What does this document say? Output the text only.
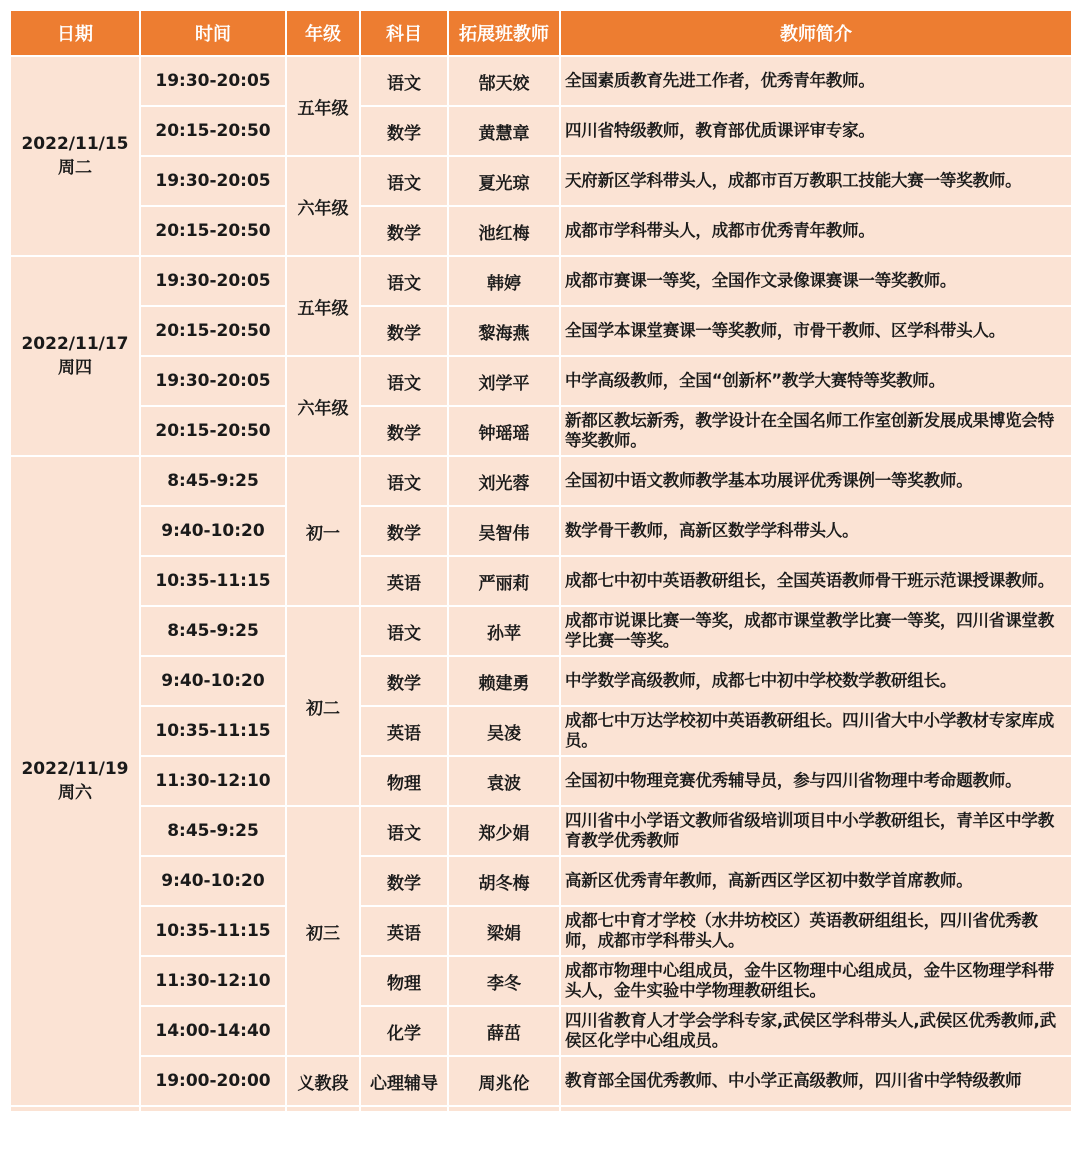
日期	时间	年级	科目	拓展班教师	教师简介

2022/11/15
周二	19:30-20:05	五年级	语文	郜天姣	全国素质教育先进工作者，优秀青年教师。
	20:15-20:50		数学	黄慧章	四川省特级教师，教育部优质课评审专家。
	19:30-20:05	六年级	语文	夏光琼	天府新区学科带头人，成都市百万教职工技能大赛一等奖教师。
	20:15-20:50		数学	池红梅	成都市学科带头人，成都市优秀青年教师。

2022/11/17
周四	19:30-20:05	五年级	语文	韩婷	成都市赛课一等奖，全国作文录像课赛课一等奖教师。
	20:15-20:50		数学	黎海燕	全国学本课堂赛课一等奖教师，市骨干教师、区学科带头人。
	19:30-20:05	六年级	语文	刘学平	中学高级教师，全国“创新杯”教学大赛特等奖教师。
	20:15-20:50		数学	钟瑶瑶	新都区教坛新秀，教学设计在全国名师工作室创新发展成果博览会特等奖教师。

2022/11/19
周六	8:45-9:25	初一	语文	刘光蓉	全国初中语文教师教学基本功展评优秀课例一等奖教师。
	9:40-10:20		数学	吴智伟	数学骨干教师，高新区数学学科带头人。
	10:35-11:15		英语	严丽莉	成都七中初中英语教研组长，全国英语教师骨干班示范课授课教师。
	8:45-9:25	初二	语文	孙苹	成都市说课比赛一等奖，成都市课堂教学比赛一等奖，四川省课堂教学比赛一等奖。
	9:40-10:20		数学	赖建勇	中学数学高级教师，成都七中初中学校数学教研组长。
	10:35-11:15		英语	吴凌	成都七中万达学校初中英语教研组长。四川省大中小学教材专家库成员。
	11:30-12:10		物理	袁波	全国初中物理竞赛优秀辅导员，参与四川省物理中考命题教师。
	8:45-9:25	初三	语文	郑少娟	四川省中小学语文教师省级培训项目中小学教研组长，青羊区中学教育教学优秀教师
	9:40-10:20		数学	胡冬梅	高新区优秀青年教师，高新西区学区初中数学首席教师。
	10:35-11:15		英语	梁娟	成都七中育才学校（水井坊校区）英语教研组组长，四川省优秀教师，成都市学科带头人。
	11:30-12:10		物理	李冬	成都市物理中心组成员，金牛区物理中心组成员，金牛区物理学科带头人，金牛实验中学物理教研组长。
	14:00-14:40		化学	薛茁	四川省教育人才学会学科专家,武侯区学科带头人,武侯区优秀教师,武侯区化学中心组成员。
	19:00-20:00	义教段	心理辅导	周兆伦	教育部全国优秀教师、中小学正高级教师，四川省中学特级教师
